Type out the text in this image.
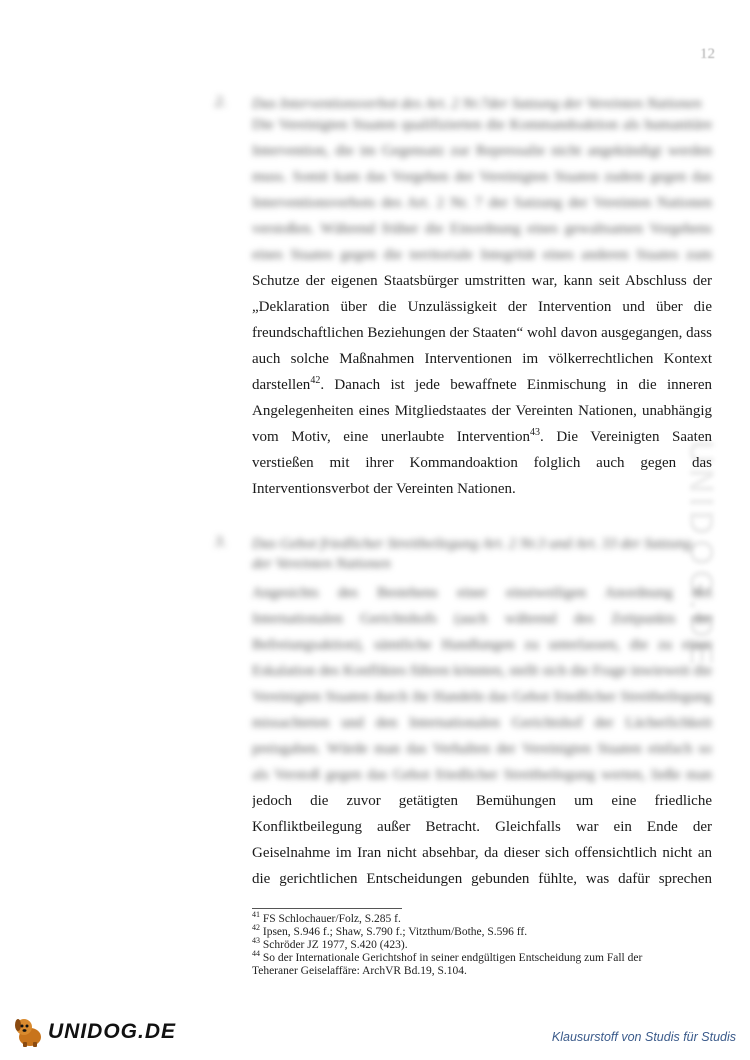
12
UNIDOG.DE
2. Das Interventionsverbot des Art. 2 Nr.7der Satzung der Vereinten Nationen
Die Vereinigten Staaten qualifizierten die Kommandoaktion als humanitäre
Intervention, die im Gegensatz zur Repressalie nicht angekündigt werden
muss. Somit kam das Vorgehen der Vereinigten Staaten zudem gegen das
Interventionsverbots des Art. 2 Nr. 7 der Satzung der Vereinten Nationen
verstoßen. Während früher die Einordnung eines gewaltsamen Vorgehens
eines Staates gegen die territoriale Integrität eines anderen Staates zum
Schutze der eigenen Staatsbürger umstritten war, kann seit Abschluss der
„Deklaration über die Unzulässigkeit der Intervention und über die
freundschaftlichen Beziehungen der Staaten“ wohl davon ausgegangen, dass
auch solche Maßnahmen Interventionen im völkerrechtlichen Kontext
darstellen$^{42}$. Danach ist jede bewaffnete Einmischung in die inneren
Angelegenheiten eines Mitgliedstaates der Vereinten Nationen, unabhängig
vom Motiv, eine unerlaubte Intervention$^{43}$. Die Vereinigten Saaten
verstießen mit ihrer Kommandoaktion folglich auch gegen das
Interventionsverbot der Vereinten Nationen.
3. Das Gebot friedlicher Streitbeilegung Art. 2 Nr.3 und Art. 33 der Satzung
der Vereinten Nationen
Angesichts des Bestehens einer einstweiligen Anordnung des
Internationalen Gerichtshofs (auch während des Zeitpunkts der
Befreiungsaktion), sämtliche Handlungen zu unterlassen, die zu einer
Eskalation des Konfliktes führen könnten, stellt sich die Frage inwieweit die
Vereinigten Staaten durch ihr Handeln das Gebot friedlicher Streitbeilegung
missachteten und den Internationalen Gerichtshof der Lächerlichkeit
preisgaben. Würde man das Verhalten der Vereinigten Staaten einfach so
als Verstoß gegen das Gebot friedlicher Streitbeilegung werten, ließe man
jedoch die zuvor getätigten Bemühungen um eine friedliche
Konfliktbeilegung außer Betracht. Gleichfalls war ein Ende der
Geiselnahme im Iran nicht absehbar, da dieser sich offensichtlich nicht an
die gerichtlichen Entscheidungen gebunden fühlte, was dafür sprechen
$^{41}$ FS Schlochauer/Folz, S.285 f.
$^{42}$ Ipsen, S.946 f.; Shaw, S.790 f.; Vitzthum/Bothe, S.596 ff.
$^{43}$ Schröder JZ 1977, S.420 (423).
$^{44}$ So der Internationale Gerichtshof in seiner endgültigen Entscheidung zum Fall der
Teheraner Geiselaffäre: ArchVR Bd.19, S.104.
UNIDOG.DE	Klausurstoff von Studis für Studis
